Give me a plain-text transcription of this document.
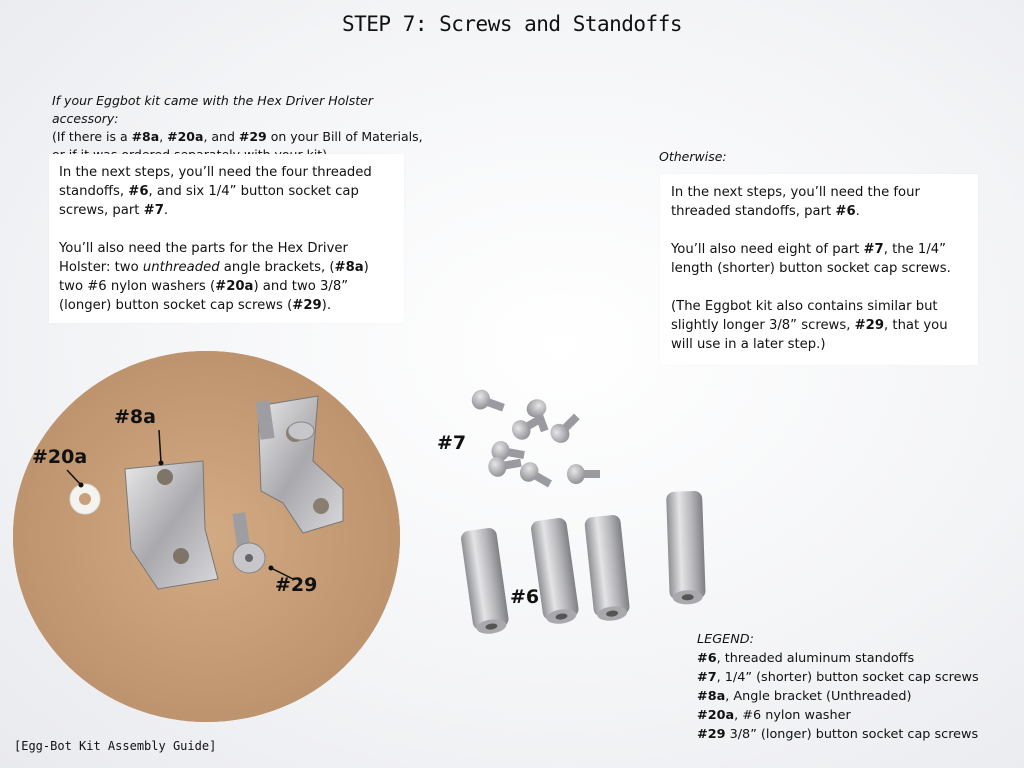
STEP 7: Screws and Standoffs
If your Eggbot kit came with the Hex Driver Holster accessory:
(If there is a #8a, #20a, and #29 on your Bill of Materials,

In the next steps, you’ll need the four threaded standoffs, #6, and six 1/4” button socket cap screws, part #7.

You’ll also need the parts for the Hex Driver Holster: two unthreaded angle brackets, (#8a) two #6 nylon washers (#20a) and two 3/8” (longer) button socket cap screws (#29).

Otherwise:

In the next steps, you’ll need the four threaded standoffs, part #6.

You’ll also need eight of part #7, the 1/4” length (shorter) button socket cap screws.

(The Eggbot kit also contains similar but slightly longer 3/8” screws, #29, that you will use in a later step.)

#8a
#20a
#29
#7
#6
LEGEND:
#6, threaded aluminum standoffs
#7, 1/4” (shorter) button socket cap screws
#8a, Angle bracket (Unthreaded)
#20a, #6 nylon washer
#29 3/8” (longer) button socket cap screws
[Egg-Bot Kit Assembly Guide]
